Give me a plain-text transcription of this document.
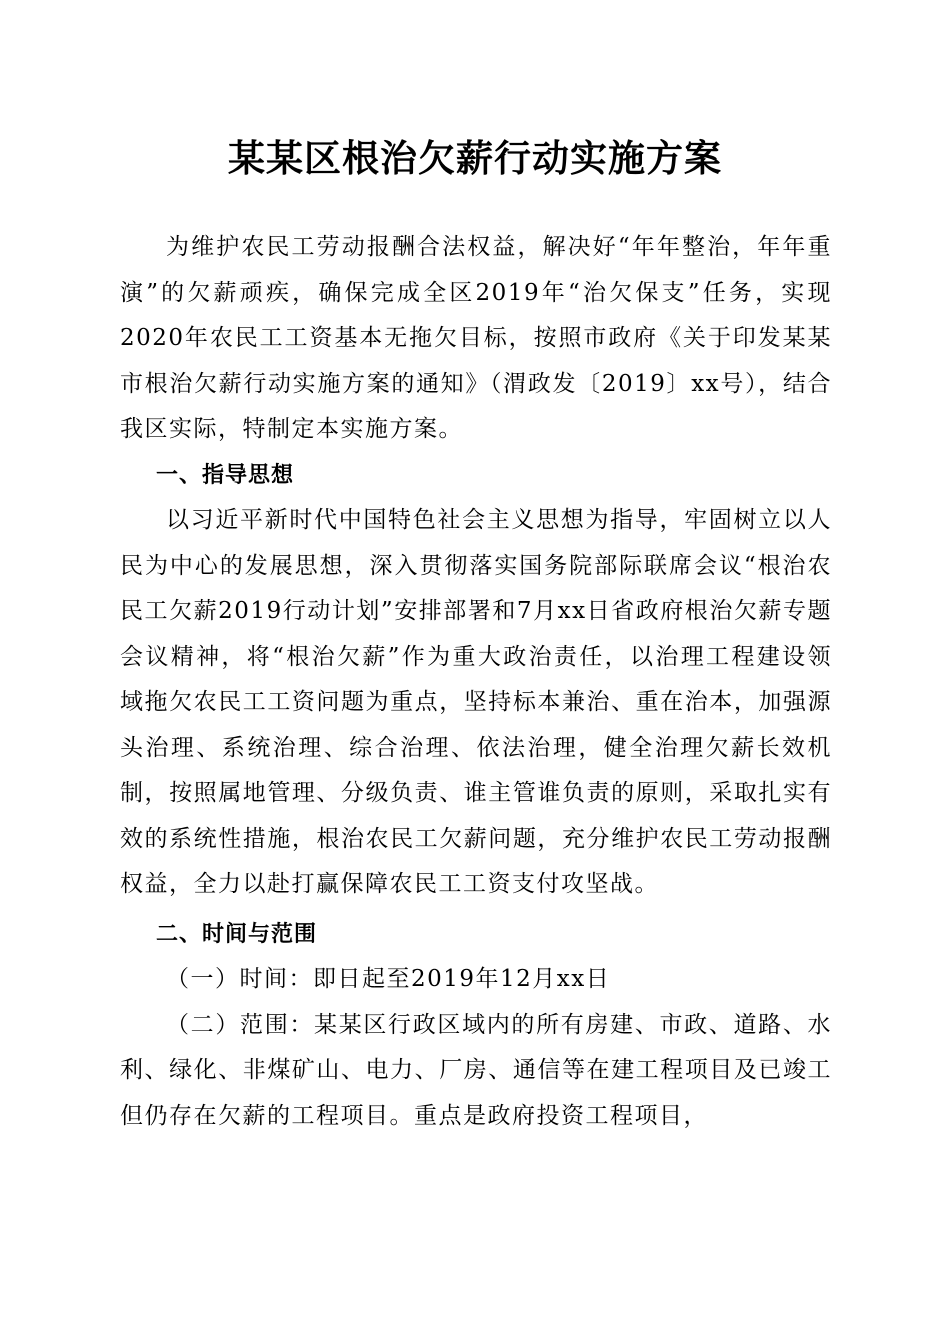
某某区根治欠薪行动实施方案

为维护农民工劳动报酬合法权益，解决好“年年整治，年年重演”的欠薪顽疾，确保完成全区2019年“治欠保支”任务，实现2020年农民工工资基本无拖欠目标，按照市政府《关于印发某某市根治欠薪行动实施方案的通知》（渭政发〔2019〕xx号），结合我区实际，特制定本实施方案。

一、指导思想

以习近平新时代中国特色社会主义思想为指导，牢固树立以人民为中心的发展思想，深入贯彻落实国务院部际联席会议“根治农民工欠薪2019行动计划”安排部署和7月xx日省政府根治欠薪专题会议精神，将“根治欠薪”作为重大政治责任，以治理工程建设领域拖欠农民工工资问题为重点，坚持标本兼治、重在治本，加强源头治理、系统治理、综合治理、依法治理，健全治理欠薪长效机制，按照属地管理、分级负责、谁主管谁负责的原则，采取扎实有效的系统性措施，根治农民工欠薪问题，充分维护农民工劳动报酬权益，全力以赴打赢保障农民工工资支付攻坚战。

二、时间与范围

（一）时间：即日起至2019年12月xx日

（二）范围：某某区行政区域内的所有房建、市政、道路、水利、绿化、非煤矿山、电力、厂房、通信等在建工程项目及已竣工但仍存在欠薪的工程项目。重点是政府投资工程项目，
